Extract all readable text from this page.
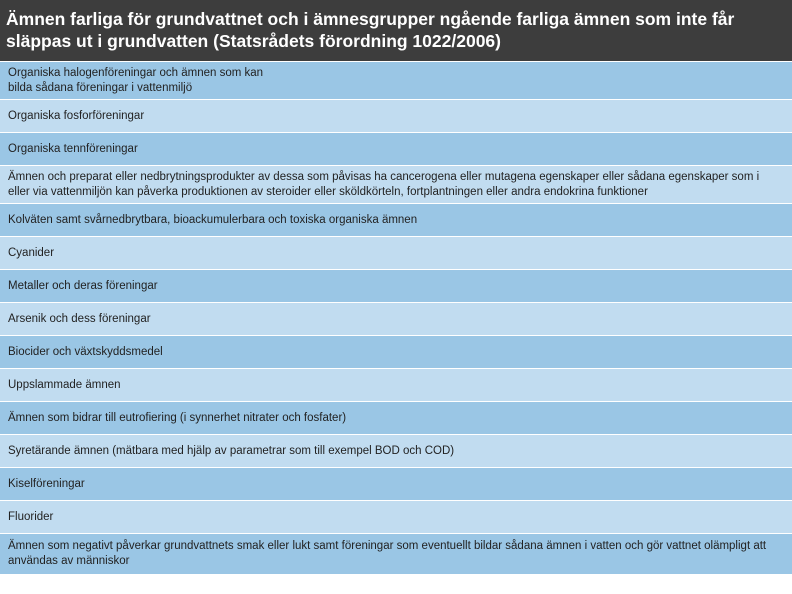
Ämnen farliga för grundvattnet och i ämnesgrupper ngående farliga ämnen som inte får släppas ut i grundvatten (Statsrådets förordning 1022/2006)
Organiska halogenföreningar och ämnen som kan
bilda sådana föreningar i vattenmiljö
Organiska fosforföreningar
Organiska tennföreningar
Ämnen och preparat eller nedbrytningsprodukter av dessa som påvisas ha cancerogena eller mutagena egenskaper eller sådana egenskaper som i eller via vattenmiljön kan påverka produktionen av steroider eller sköldkörteln, fortplantningen eller andra endokrina funktioner
Kolväten samt svårnedbrytbara, bioackumulerbara och toxiska organiska ämnen
Cyanider
Metaller och deras föreningar
Arsenik och dess föreningar
Biocider och växtskyddsmedel
Uppslammade ämnen
Ämnen som bidrar till eutrofiering (i synnerhet nitrater och fosfater)
Syretärande ämnen (mätbara med hjälp av parametrar som till exempel BOD och COD)
Kiselföreningar
Fluorider
Ämnen som negativt påverkar grundvattnets smak eller lukt samt föreningar som eventuellt bildar sådana ämnen i vatten och gör vattnet olämpligt att användas av människor
